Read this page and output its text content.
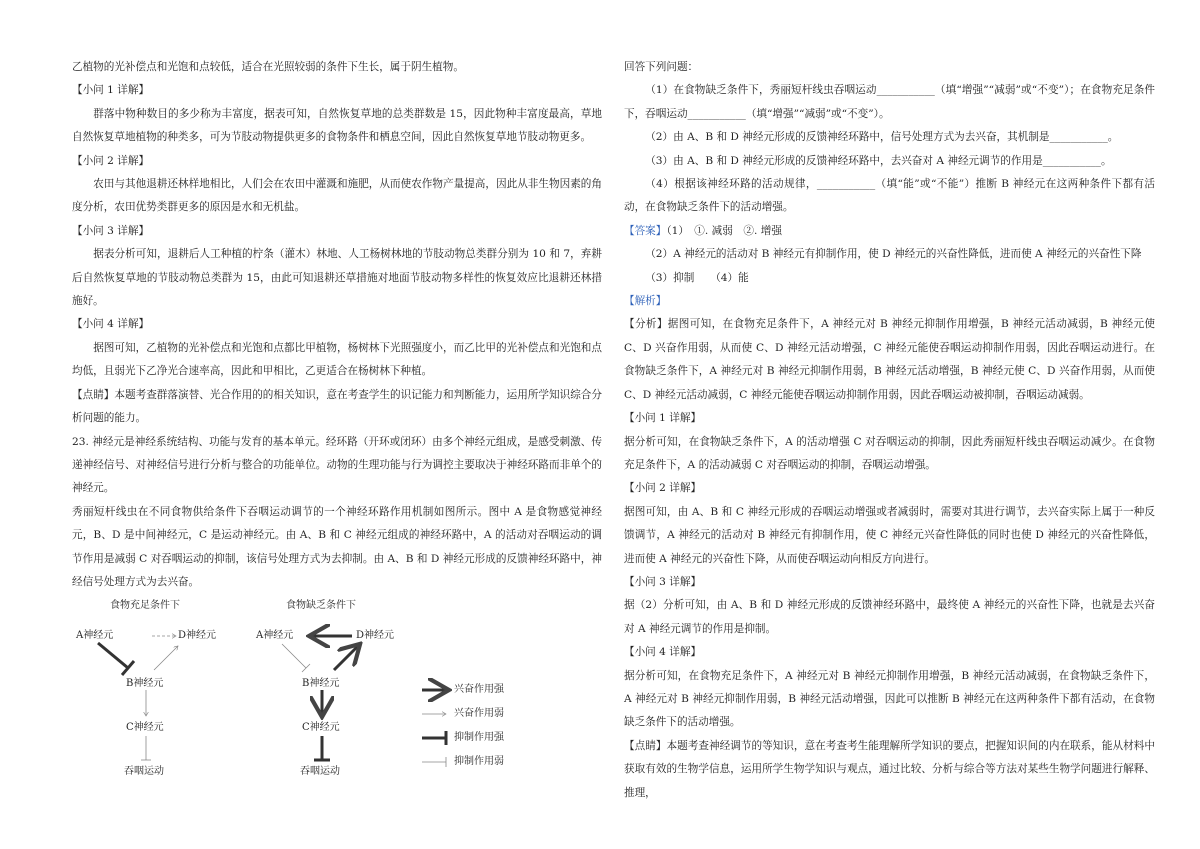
乙植物的光补偿点和光饱和点较低，适合在光照较弱的条件下生长，属于阴生植物。

【小问 1 详解】

群落中物种数目的多少称为丰富度，据表可知，自然恢复草地的总类群数是 15，因此物种丰富度最高，草地自然恢复草地植物的种类多，可为节肢动物提供更多的食物条件和栖息空间，因此自然恢复草地节肢动物更多。

【小问 2 详解】

农田与其他退耕还林样地相比，人们会在农田中灌溉和施肥，从而使农作物产量提高，因此从非生物因素的角度分析，农田优势类群更多的原因是水和无机盐。

【小问 3 详解】

据表分析可知，退耕后人工种植的柠条（灌木）林地、人工杨树林地的节肢动物总类群分别为 10 和 7，弃耕后自然恢复草地的节肢动物总类群为 15，由此可知退耕还草措施对地面节肢动物多样性的恢复效应比退耕还林措施好。

【小问 4 详解】

据图可知，乙植物的光补偿点和光饱和点都比甲植物，杨树林下光照强度小，而乙比甲的光补偿点和光饱和点均低，且弱光下乙净光合速率高，因此和甲相比，乙更适合在杨树林下种植。

【点睛】本题考查群落演替、光合作用的的相关知识，意在考查学生的识记能力和判断能力，运用所学知识综合分析问题的能力。

23. 神经元是神经系统结构、功能与发育的基本单元。经环路（开环或闭环）由多个神经元组成，是感受刺激、传递神经信号、对神经信号进行分析与整合的功能单位。动物的生理功能与行为调控主要取决于神经环路而非单个的神经元。

秀丽短杆线虫在不同食物供给条件下吞咽运动调节的一个神经环路作用机制如图所示。图中 A 是食物感觉神经元，B、D 是中间神经元，C 是运动神经元。由 A、B 和 C 神经元组成的神经环路中，A 的活动对吞咽运动的调节作用是减弱 C 对吞咽运动的抑制，该信号处理方式为去抑制。由 A、B 和 D 神经元形成的反馈神经环路中，神经信号处理方式为去兴奋。

食物充足条件下	食物缺乏条件下
A神经元	D神经元
B神经元
C神经元
吞咽运动
A神经元	D神经元
B神经元
C神经元
吞咽运动
兴奋作用强
兴奋作用弱
抑制作用强
抑制作用弱

回答下列问题：

（1）在食物缺乏条件下，秀丽短杆线虫吞咽运动___________（填“增强”“减弱”或“不变”）；在食物充足条件下，吞咽运动___________（填“增强”“减弱”或“不变”）。

（2）由 A、B 和 D 神经元形成的反馈神经环路中，信号处理方式为去兴奋，其机制是___________。

（3）由 A、B 和 D 神经元形成的反馈神经环路中，去兴奋对 A 神经元调节的作用是___________。

（4）根据该神经环路的活动规律，___________（填“能”或“不能”）推断 B 神经元在这两种条件下都有活动，在食物缺乏条件下的活动增强。

【答案】（1）　①. 减弱　②. 增强

（2）A 神经元的活动对 B 神经元有抑制作用，使 D 神经元的兴奋性降低，进而使 A 神经元的兴奋性下降

（3）抑制　　（4）能

【解析】

【分析】据图可知，在食物充足条件下，A 神经元对 B 神经元抑制作用增强，B 神经元活动减弱，B 神经元使 C、D 兴奋作用弱，从而使 C、D 神经元活动增强，C 神经元能使吞咽运动抑制作用弱，因此吞咽运动进行。在食物缺乏条件下，A 神经元对 B 神经元抑制作用弱，B 神经元活动增强，B 神经元使 C、D 兴奋作用弱，从而使 C、D 神经元活动减弱，C 神经元能使吞咽运动抑制作用弱，因此吞咽运动被抑制，吞咽运动减弱。

【小问 1 详解】

据分析可知，在食物缺乏条件下，A 的活动增强 C 对吞咽运动的抑制，因此秀丽短杆线虫吞咽运动减少。在食物充足条件下，A 的活动减弱 C 对吞咽运动的抑制，吞咽运动增强。

【小问 2 详解】

据图可知，由 A、B 和 C 神经元形成的吞咽运动增强或者减弱时，需要对其进行调节，去兴奋实际上属于一种反馈调节，A 神经元的活动对 B 神经元有抑制作用，使 C 神经元兴奋性降低的同时也使 D 神经元的兴奋性降低，进而使 A 神经元的兴奋性下降，从而使吞咽运动向相反方向进行。

【小问 3 详解】

据（2）分析可知，由 A、B 和 D 神经元形成的反馈神经环路中，最终使 A 神经元的兴奋性下降，也就是去兴奋对 A 神经元调节的作用是抑制。

【小问 4 详解】

据分析可知，在食物充足条件下，A 神经元对 B 神经元抑制作用增强，B 神经元活动减弱，在食物缺乏条件下，A 神经元对 B 神经元抑制作用弱，B 神经元活动增强，因此可以推断 B 神经元在这两种条件下都有活动，在食物缺乏条件下的活动增强。

【点睛】本题考查神经调节的等知识，意在考查考生能理解所学知识的要点，把握知识间的内在联系，能从材料中获取有效的生物学信息，运用所学生物学知识与观点，通过比较、分析与综合等方法对某些生物学问题进行解释、推理，
